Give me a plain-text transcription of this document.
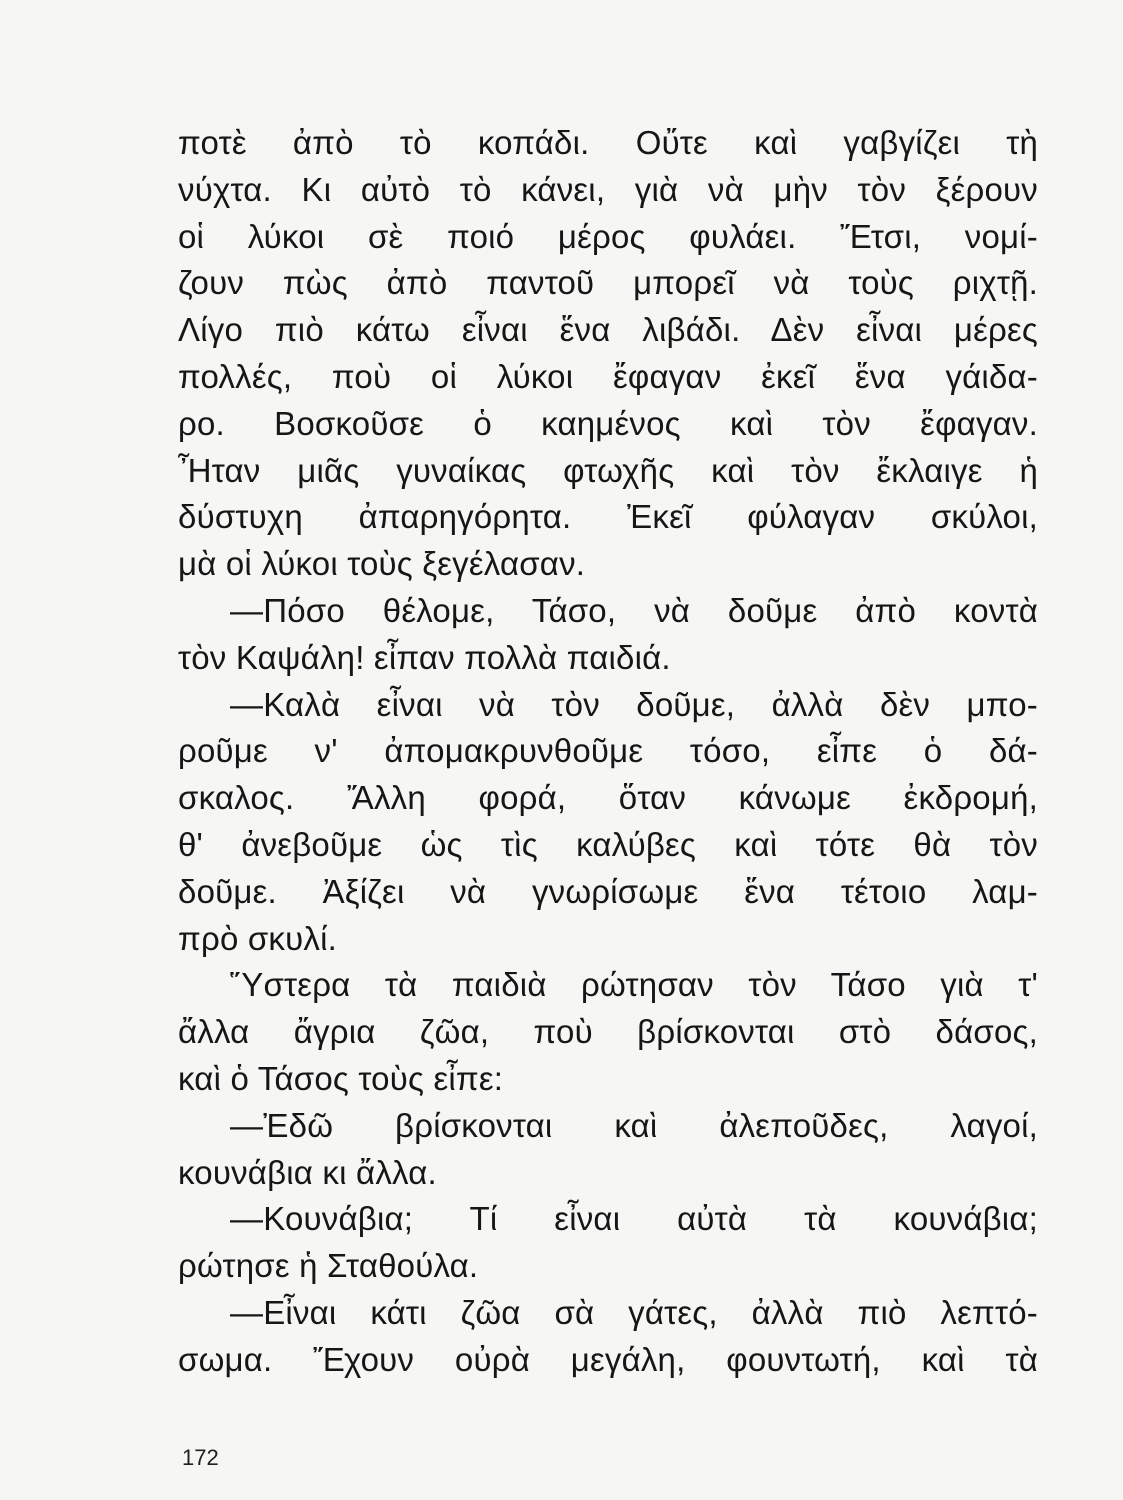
ποτὲ ἀπὸ τὸ κοπάδι. Οὔτε καὶ γαβγίζει τὴ
νύχτα. Κι αὐτὸ τὸ κάνει, γιὰ νὰ μὴν τὸν ξέρουν
οἱ λύκοι σὲ ποιό μέρος φυλάει. Ἔτσι, νομί-
ζουν πὼς ἀπὸ παντοῦ μπορεῖ νὰ τοὺς ριχτῇ.
Λίγο πιὸ κάτω εἶναι ἕνα λιβάδι. Δὲν εἶναι μέρες
πολλές, ποὺ οἱ λύκοι ἔφαγαν ἐκεῖ ἕνα γάιδα-
ρο. Βοσκοῦσε ὁ καημένος καὶ τὸν ἔφαγαν.
Ἦταν μιᾶς γυναίκας φτωχῆς καὶ τὸν ἔκλαιγε ἡ
δύστυχη ἀπαρηγόρητα. Ἐκεῖ φύλαγαν σκύλοι,
μὰ οἱ λύκοι τοὺς ξεγέλασαν.
—Πόσο θέλομε, Τάσο, νὰ δοῦμε ἀπὸ κοντὰ
τὸν Καψάλη! εἶπαν πολλὰ παιδιά.
—Καλὰ εἶναι νὰ τὸν δοῦμε, ἀλλὰ δὲν μπο-
ροῦμε ν' ἀπομακρυνθοῦμε τόσο, εἶπε ὁ δά-
σκαλος. Ἄλλη φορά, ὅταν κάνωμε ἐκδρομή,
θ' ἀνεβοῦμε ὡς τὶς καλύβες καὶ τότε θὰ τὸν
δοῦμε. Ἀξίζει νὰ γνωρίσωμε ἕνα τέτοιο λαμ-
πρὸ σκυλί.
Ὕστερα τὰ παιδιὰ ρώτησαν τὸν Τάσο γιὰ τ'
ἄλλα ἄγρια ζῶα, ποὺ βρίσκονται στὸ δάσος,
καὶ ὁ Τάσος τοὺς εἶπε:
—Ἐδῶ βρίσκονται καὶ ἀλεποῦδες, λαγοί,
κουνάβια κι ἄλλα.
—Κουνάβια; Τί εἶναι αὐτὰ τὰ κουνάβια;
ρώτησε ἡ Σταθούλα.
—Εἶναι κάτι ζῶα σὰ γάτες, ἀλλὰ πιὸ λεπτό-
σωμα. Ἔχουν οὐρὰ μεγάλη, φουντωτή, καὶ τὰ
172
